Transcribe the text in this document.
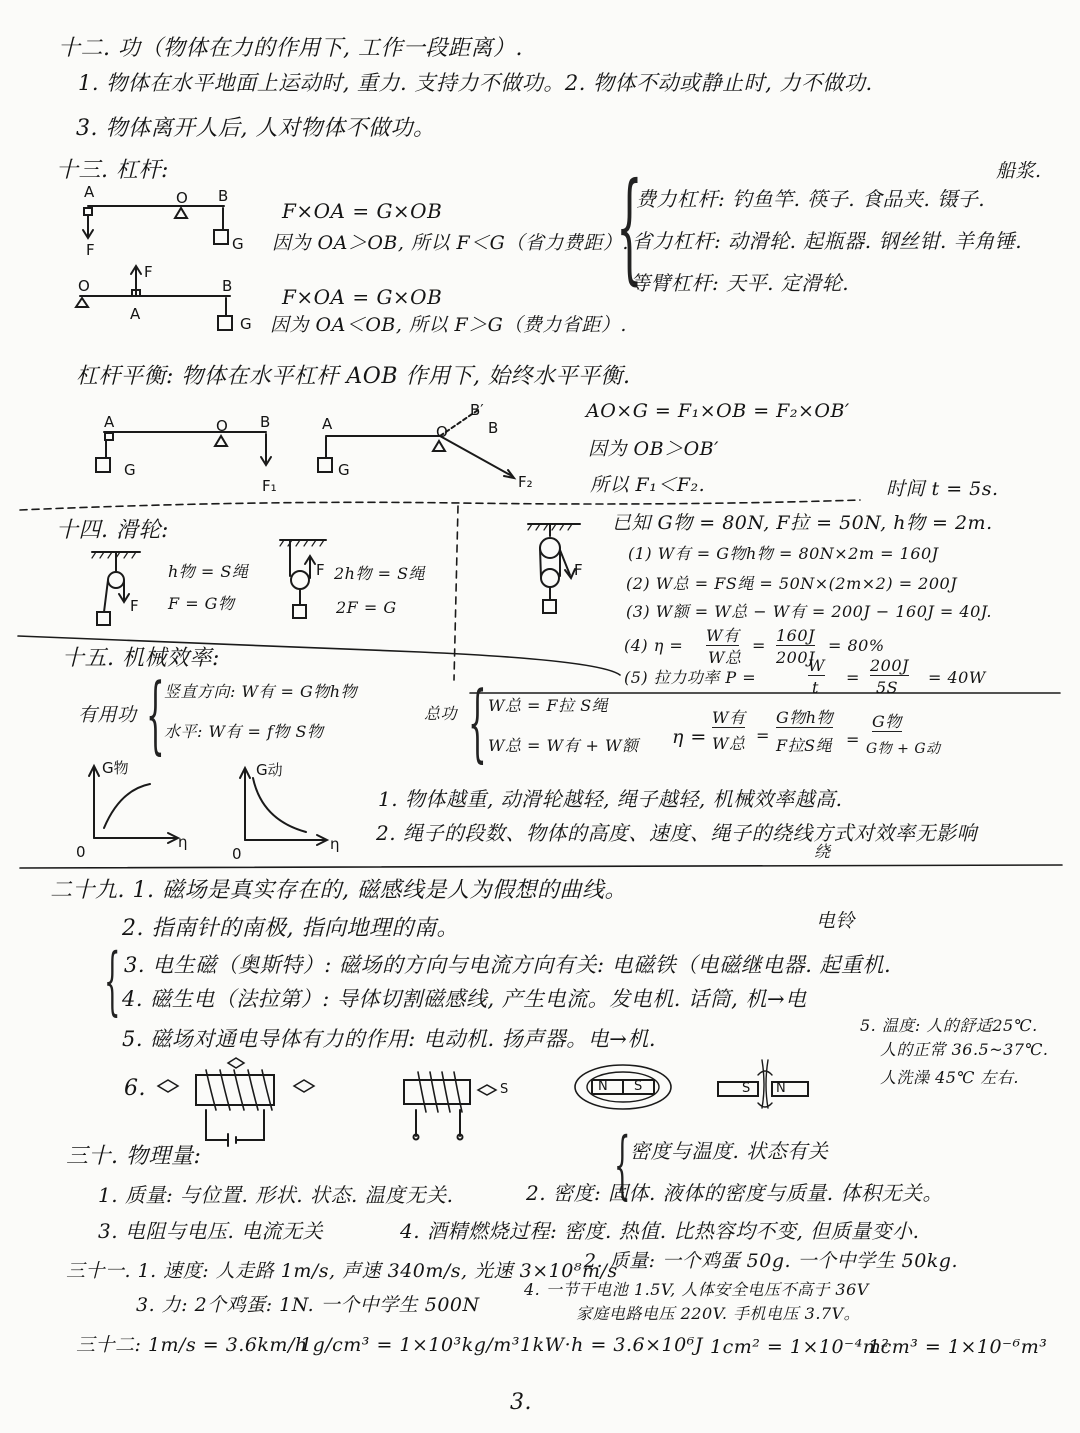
十二. 功（物体在力的作用下, 工作一段距离）.
1. 物体在水平地面上运动时, 重力. 支持力不做功。2. 物体不动或静止时, 力不做功.
3. 物体离开人后, 人对物体不做功。
十三. 杠杆:	船浆.
A	O B
F	G
F×OA = G×OB
因为 OA＞OB, 所以 F＜G（省力费距）.
O
F
B
A
G
F×OA = G×OB
因为 OA＜OB, 所以 F＞G（费力省距）.
{
费力杠杆: 钓鱼竿. 筷子. 食品夹. 镊子.
省力杠杆: 动滑轮. 起瓶器. 钢丝钳. 羊角锤.
等臂杠杆: 天平. 定滑轮.
杠杆平衡: 物体在水平杠杆 AOB 作用下, 始终水平平衡.
A	O B
G
F₁
A	O
B′
B
G
F₂
AO×G = F₁×OB = F₂×OB′
因为 OB＞OB′
所以 F₁＜F₂.
十四. 滑轮:
h物 = S绳
F = G物
F
F 2h物 = S绳
2F = G
F
时间 t = 5s.
已知 G物 = 80N, F拉 = 50N, h物 = 2m.
(1) W有 = G物h物 = 80N×2m = 160J
(2) W总 = FS绳 = 50N×(2m×2) = 200J
(3) W额 = W总 − W有 = 200J − 160J = 40J.
(4) η =
W有
W总
=
160J
200J
= 80%
(5) 拉力功率 P =
W
t
=
200J
5S
= 40W
十五. 机械效率:
有用功 { 竖直方向: W有 = G物h物
水平: W有 = f物 S物
总功 { W总 = F拉 S绳
W总 = W有 + W额 η =
W有
W总 =
G物h物
F拉S绳 =
G物
G物 + G动
G物
η
0
G动
η
0
1. 物体越重, 动滑轮越轻, 绳子越轻, 机械效率越高.
2. 绳子的段数、物体的高度、速度、绳子的绕线方式对效率无影响
绕
二十九. 1. 磁场是真实存在的, 磁感线是人为假想的曲线。
2. 指南针的南极, 指向地理的南。	电铃
{ 3. 电生磁（奥斯特）: 磁场的方向与电流方向有关: 电磁铁（电磁继电器. 起重机.
4. 磁生电（法拉第）: 导体切割磁感线, 产生电流。发电机. 话筒, 机→电
5. 磁场对通电导体有力的作用: 电动机. 扬声器。电→机.
6.	S	N S	S N
5. 温度: 人的舒适25℃.
人的正常 36.5~37℃.
人洗澡 45℃ 左右.
三十. 物理量:	{ 密度与温度. 状态有关
1. 质量: 与位置. 形状. 状态. 温度无关.	2. 密度: 固体. 液体的密度与质量. 体积无关。
3. 电阻与电压. 电流无关	4. 酒精燃烧过程: 密度. 热值. 比热容均不变, 但质量变小.
三十一. 1. 速度: 人走路 1m/s, 声速 340m/s, 光速 3×10⁸m/s
2. 质量: 一个鸡蛋 50g. 一个中学生 50kg.
3. 力: 2个鸡蛋: 1N. 一个中学生 500N
4. 一节干电池 1.5V, 人体安全电压不高于 36V
家庭电路电压 220V. 手机电压 3.7V。
三十二: 1m/s = 3.6km/h
1g/cm³ = 1×10³kg/m³ 1kW·h = 3.6×10⁶J 1cm² = 1×10⁻⁴m²
1cm³ = 1×10⁻⁶m³
3.
